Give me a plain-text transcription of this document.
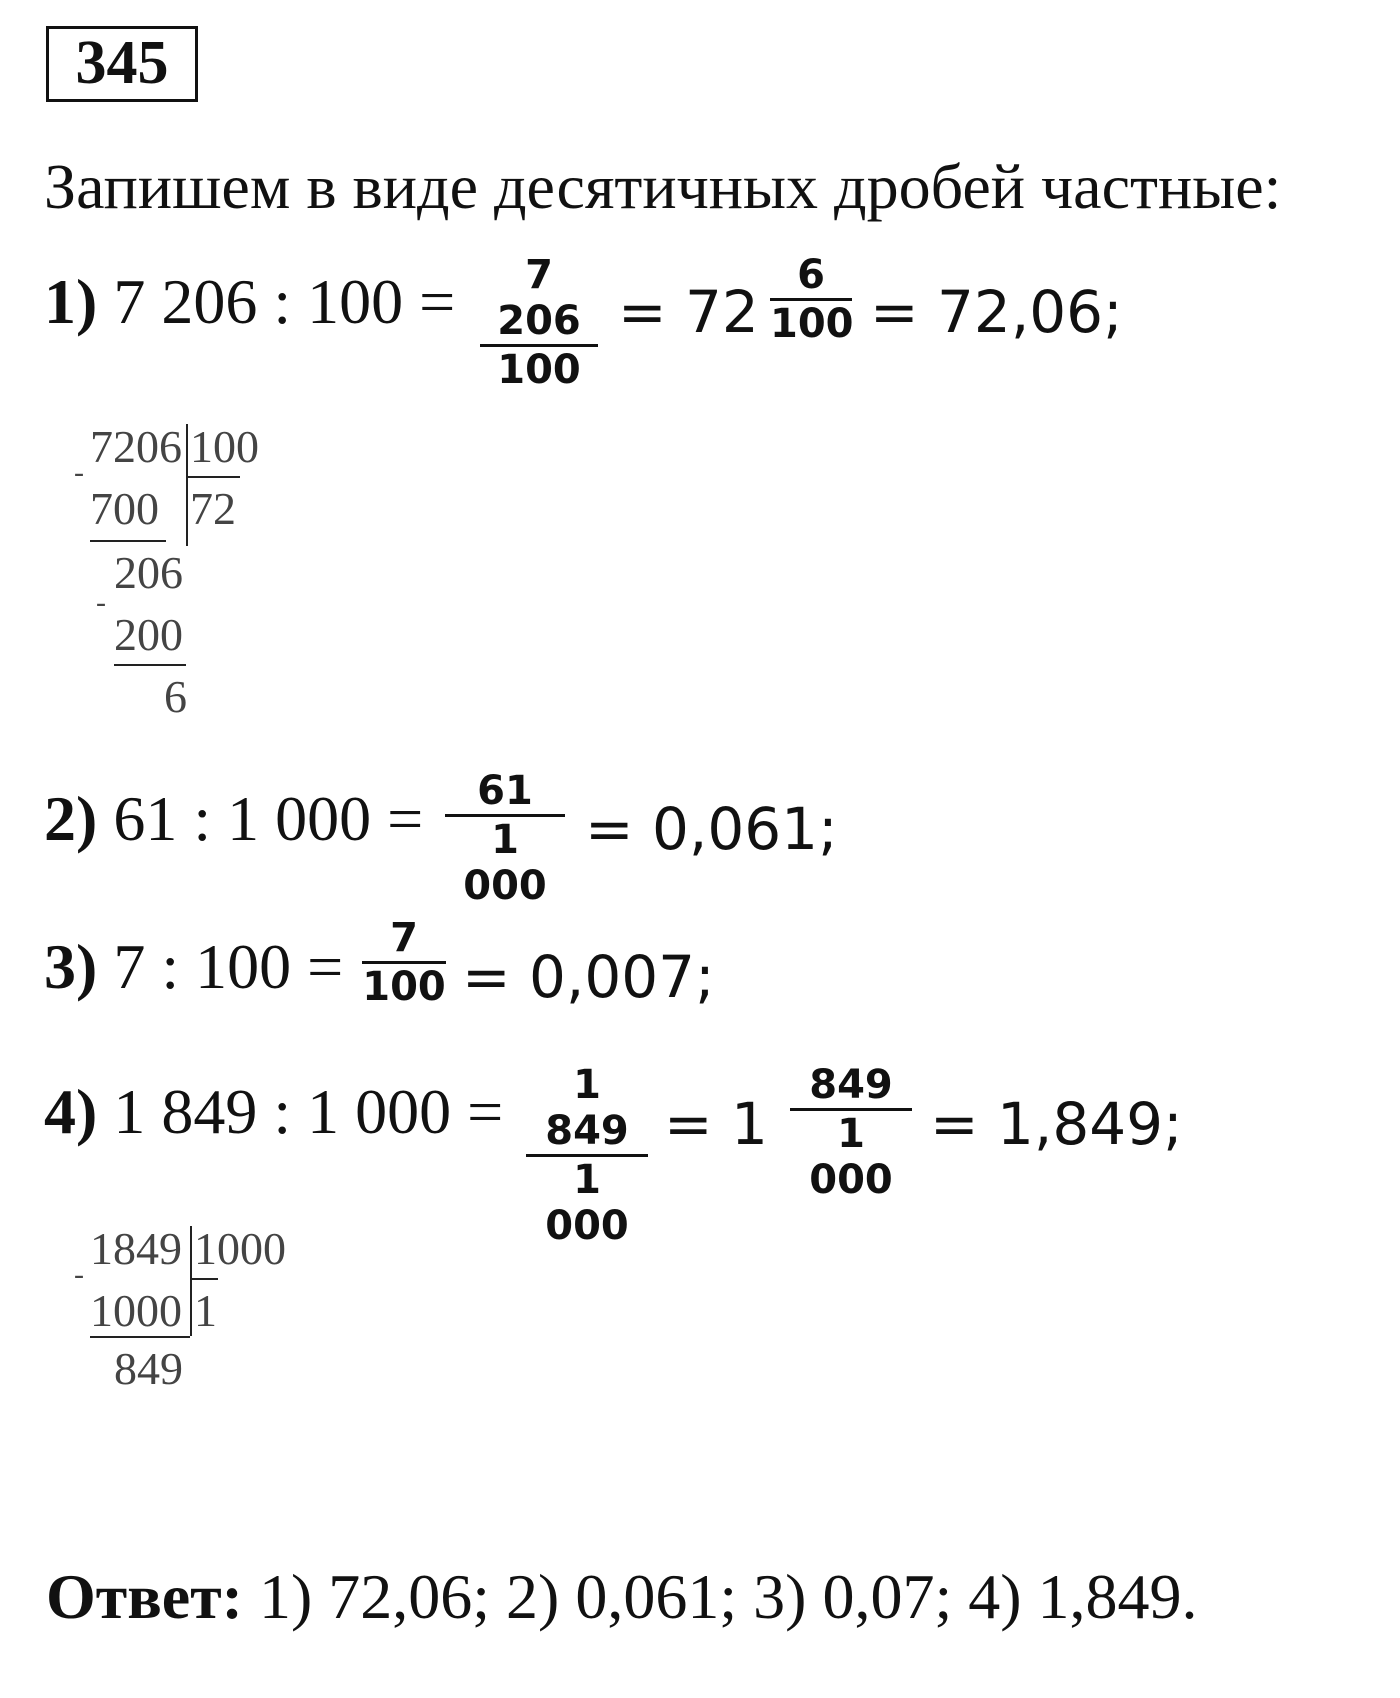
345
Запишем в виде десятичных дробей частные:
1) 7 206 : $100 = \frac{7 206}{100} = 72 \frac{6}{100} = 72,06$;
7206 100
-
700 72
206
-
200
6
2) 61 : 1 $000 = \frac{61}{1 000} = 0,061$;
3) 7 : $100 = \frac{7}{100} = 0,007$;
4) 1 849 : 1 $000 = \frac{1 849}{1 000} = 1 \frac{849}{1 000} = 1,849$;
1849 1000
-
1000 1
849
Ответ: 1) 72,06; 2) 0,061; 3) 0,07; 4) 1,849.
